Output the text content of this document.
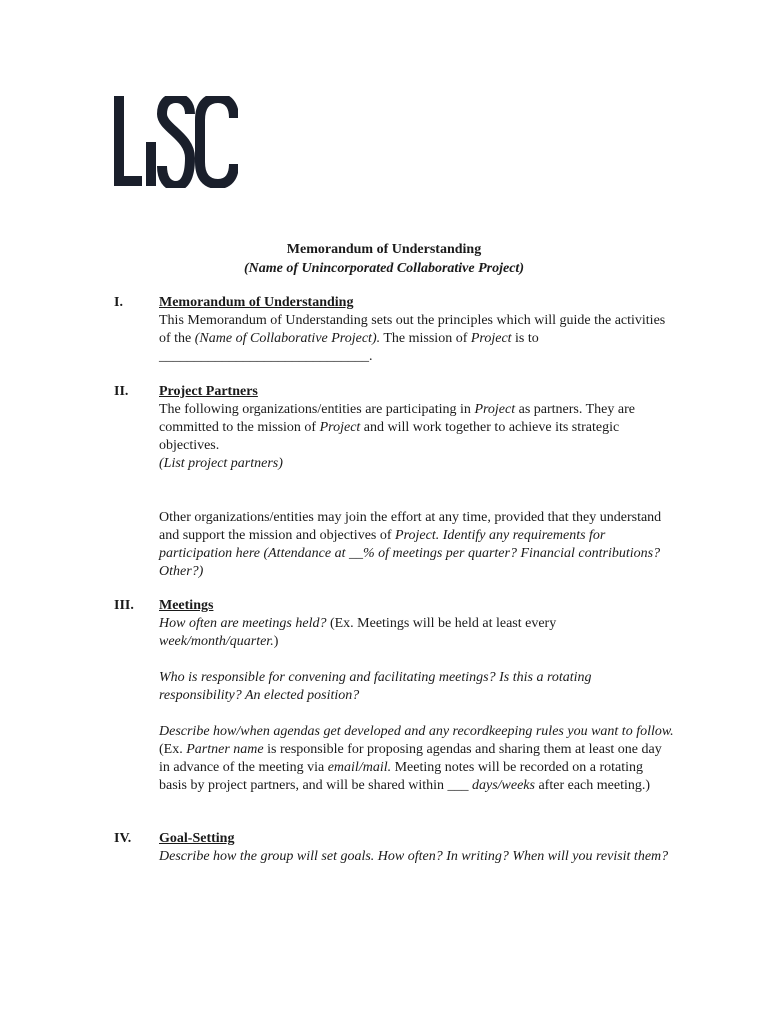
Memorandum of Understanding
(Name of Unincorporated Collaborative Project)
I.	Memorandum of Understanding

This Memorandum of Understanding sets out the principles which will guide the activities of the (Name of Collaborative Project). The mission of Project is to
______________________________.

II. Project Partners

The following organizations/entities are participating in Project as partners. They are committed to the mission of Project and will work together to achieve its strategic objectives.

(List project partners)

Other organizations/entities may join the effort at any time, provided that they understand and support the mission and objectives of Project. Identify any requirements for participation here (Attendance at __% of meetings per quarter? Financial contributions? Other?)

III. Meetings

How often are meetings held? (Ex. Meetings will be held at least every week/month/quarter.)

Who is responsible for convening and facilitating meetings? Is this a rotating responsibility? An elected position?

Describe how/when agendas get developed and any recordkeeping rules you want to follow. (Ex. Partner name is responsible for proposing agendas and sharing them at least one day in advance of the meeting via email/mail. Meeting notes will be recorded on a rotating basis by project partners, and will be shared within ___ days/weeks after each meeting.)

IV. Goal-Setting

Describe how the group will set goals. How often? In writing? When will you revisit them?
